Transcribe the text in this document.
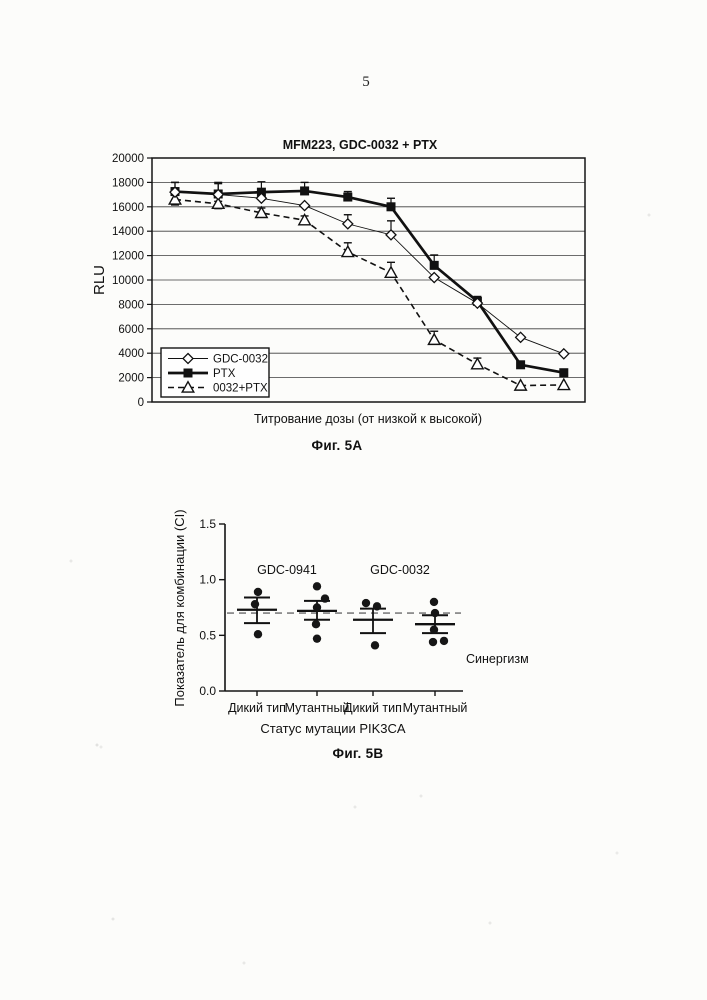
5
0
2000
4000
6000
8000
10000
12000
14000
16000
18000
20000
MFM223, GDC-0032 + PTX
RLU
Титрование дозы (от низкой к высокой)
GDC-0032
PTX
0032+PTX
Фиг. 5А
0.0
0.5
1.0
1.5
GDC-0941	GDC-0032
Дикий тип
Мутантный
Дикий тип Мутантный
Синергизм
Показатель для комбинации (CI)
Статус мутации PIK3CA
Фиг. 5В
